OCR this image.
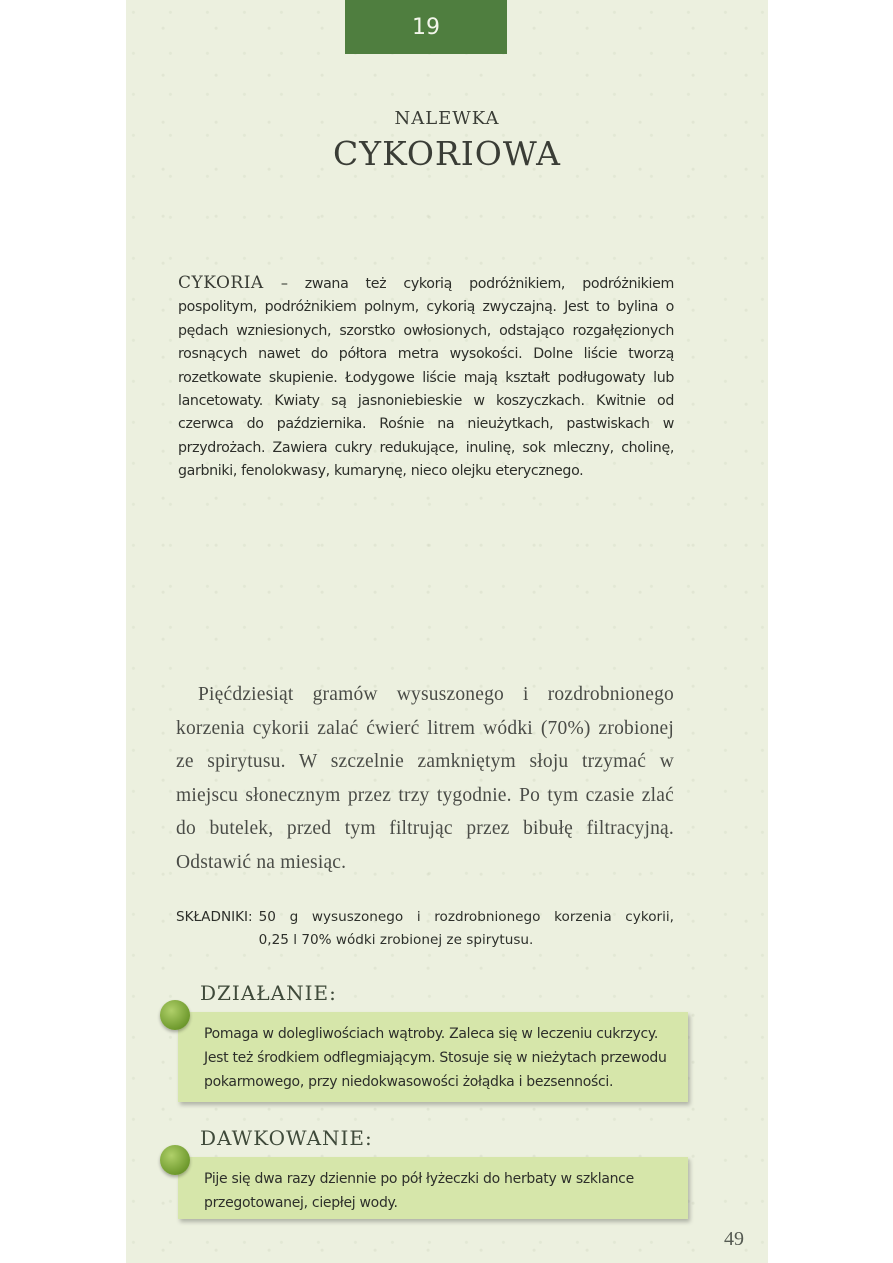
19
NALEWKA
CYKORIOWA
CYKORIA – zwana też cykorią podróżnikiem, podróżnikiem pospolitym, podróżnikiem polnym, cykorią zwyczajną. Jest to bylina o pędach wzniesionych, szorstko owłosionych, odstająco rozgałęzionych rosnących nawet do półtora metra wysokości. Dolne liście tworzą rozetkowate skupienie. Łodygowe liście mają kształt podługowaty lub lancetowaty. Kwiaty są jasnoniebieskie w koszyczkach. Kwitnie od czerwca do października. Rośnie na nieużytkach, pastwiskach w przydrożach. Zawiera cukry redukujące, inulinę, sok mleczny, cholinę, garbniki, fenolokwasy, kumarynę, nieco olejku eterycznego.
Pięćdziesiąt gramów wysuszonego i rozdrobnionego korzenia cykorii zalać ćwierć litrem wódki (70%) zrobionej ze spirytusu. W szczelnie zamkniętym słoju trzymać w miejscu słonecznym przez trzy tygodnie. Po tym czasie zlać do butelek, przed tym filtrując przez bibułę filtracyjną. Odstawić na miesiąc.
SKŁADNIKI: 50 g wysuszonego i rozdrobnionego korzenia cykorii,
0,25 l 70% wódki zrobionej ze spirytusu.
DZIAŁANIE:
Pomaga w dolegliwościach wątroby. Zaleca się w leczeniu cukrzycy. Jest też środkiem odflegmiającym. Stosuje się w nieżytach przewodu pokarmowego, przy niedokwasowości żołądka i bezsenności.
DAWKOWANIE:
Pije się dwa razy dziennie po pół łyżeczki do herbaty w szklance przegotowanej, ciepłej wody.
49
